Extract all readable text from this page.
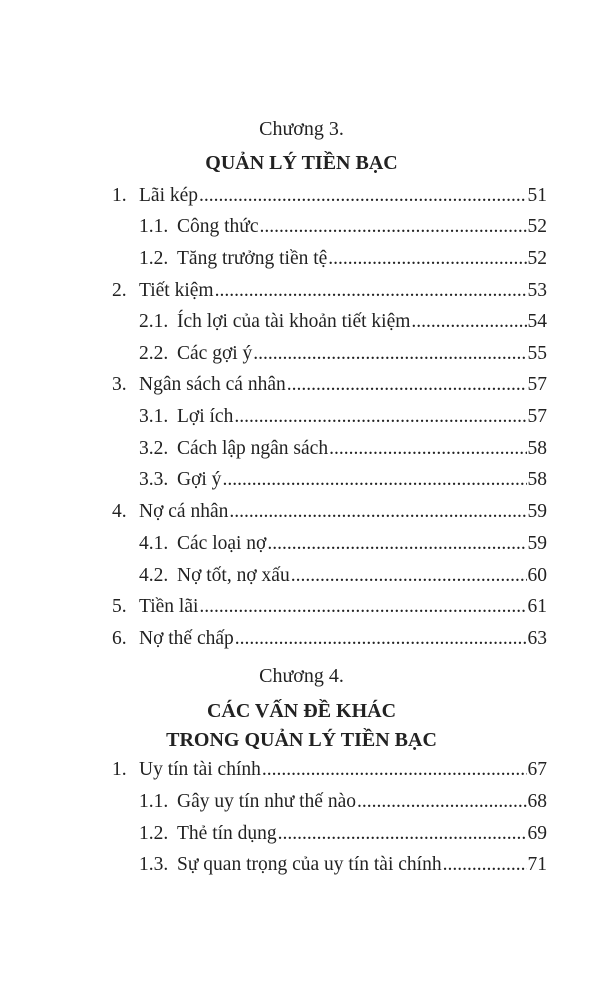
Chương 3.
QUẢN LÝ TIỀN BẠC
1. Lãi kép .....	51
1.1. Công thức .....	52
1.2. Tăng trưởng tiền tệ .....	52
2. Tiết kiệm .....	53
2.1. Ích lợi của tài khoản tiết kiệm .....	54
2.2. Các gợi ý .....	55
3. Ngân sách cá nhân .....	57
3.1. Lợi ích .....	57
3.2. Cách lập ngân sách .....	58
3.3. Gợi ý .....	58
4. Nợ cá nhân .....	59
4.1. Các loại nợ .....	59
4.2. Nợ tốt, nợ xấu .....	60
5. Tiền lãi .....	61
6. Nợ thế chấp .....	63
Chương 4.
CÁC VẤN ĐỀ KHÁC
TRONG QUẢN LÝ TIỀN BẠC
1. Uy tín tài chính .....	67
1.1. Gây uy tín như thế nào .....	68
1.2. Thẻ tín dụng .....	69
1.3. Sự quan trọng của uy tín tài chính .....	71
